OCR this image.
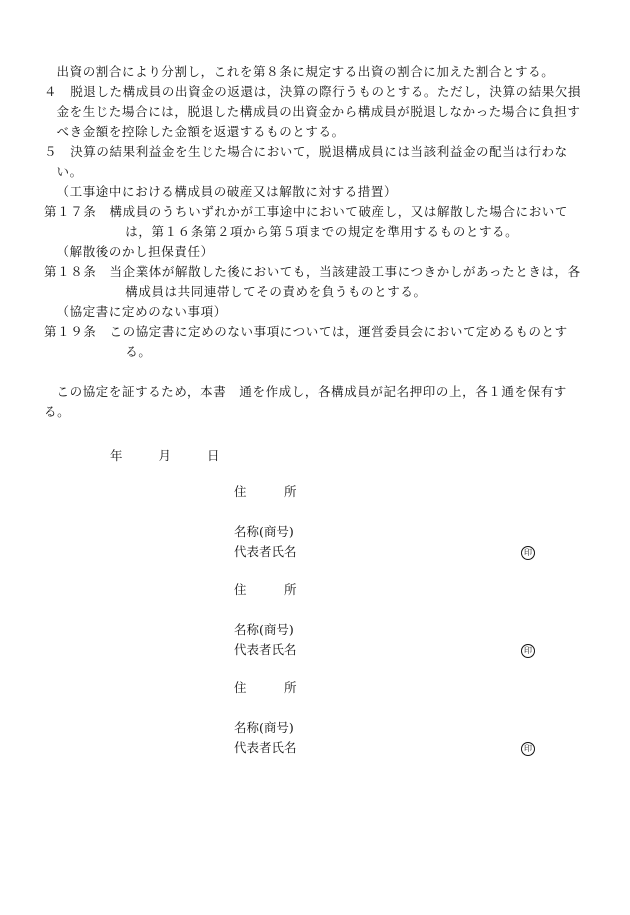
出資の割合により分割し，これを第８条に規定する出資の割合に加えた割合とする。

４　脱退した構成員の出資金の返還は，決算の際行うものとする。ただし，決算の結果欠損金を生じた場合には，脱退した構成員の出資金から構成員が脱退しなかった場合に負担すべき金額を控除した金額を返還するものとする。

５　決算の結果利益金を生じた場合において，脱退構成員には当該利益金の配当は行わない。

（工事途中における構成員の破産又は解散に対する措置）

第１７条　構成員のうちいずれかが工事途中において破産し，又は解散した場合においては，第１６条第２項から第５項までの規定を準用するものとする。

（解散後のかし担保責任）

第１８条　当企業体が解散した後においても，当該建設工事につきかしがあったときは，各構成員は共同連帯してその責めを負うものとする。

（協定書に定めのない事項）

第１９条　この協定書に定めのない事項については，運営委員会において定めるものとする。

この協定を証するため，本書　通を作成し，各構成員が記名押印の上，各１通を保有する。

年	月	日
住　　　所
名称(商号)
代表者氏名	印
住　　　所
名称(商号)
代表者氏名	印
住　　　所
名称(商号)
代表者氏名	印
